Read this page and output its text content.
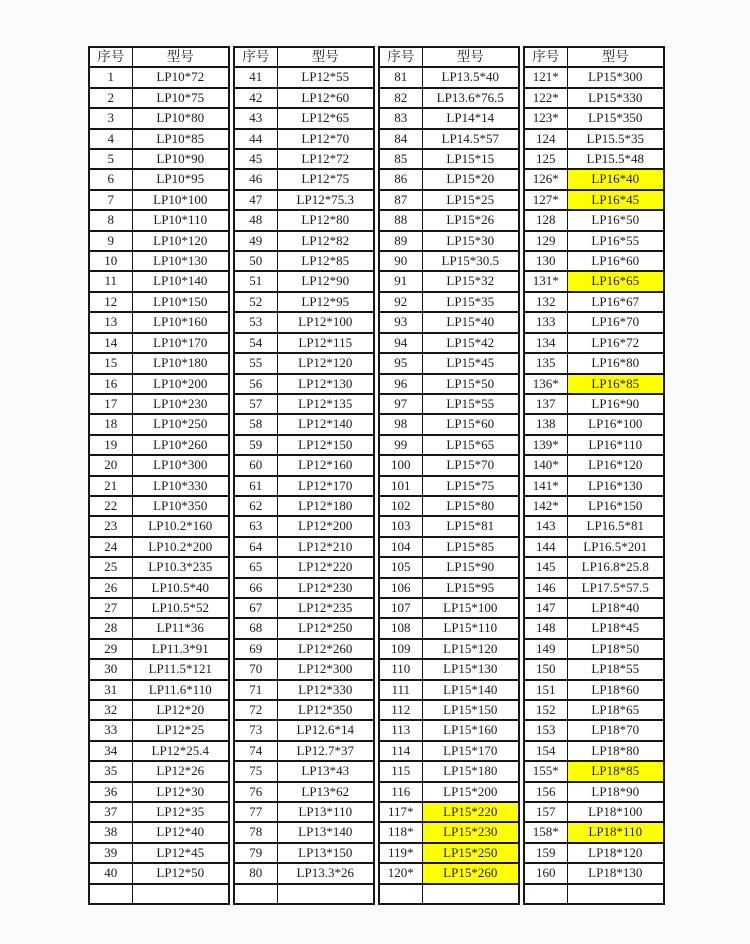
序号	型号
1	LP10*72
2	LP10*75
3	LP10*80
4	LP10*85
5	LP10*90
6	LP10*95
7	LP10*100
8	LP10*110
9	LP10*120
10	LP10*130
11	LP10*140
12	LP10*150
13	LP10*160
14	LP10*170
15	LP10*180
16	LP10*200
17	LP10*230
18	LP10*250
19	LP10*260
20	LP10*300
21	LP10*330
22	LP10*350
23	LP10.2*160
24	LP10.2*200
25	LP10.3*235
26	LP10.5*40
27	LP10.5*52
28	LP11*36
29	LP11.3*91
30	LP11.5*121
31	LP11.6*110
32	LP12*20
33	LP12*25
34	LP12*25.4
35	LP12*26
36	LP12*30
37	LP12*35
38	LP12*40
39	LP12*45
40	LP12*50

序号	型号
41	LP12*55
42	LP12*60
43	LP12*65
44	LP12*70
45	LP12*72
46	LP12*75
47	LP12*75.3
48	LP12*80
49	LP12*82
50	LP12*85
51	LP12*90
52	LP12*95
53	LP12*100
54	LP12*115
55	LP12*120
56	LP12*130
57	LP12*135
58	LP12*140
59	LP12*150
60	LP12*160
61	LP12*170
62	LP12*180
63	LP12*200
64	LP12*210
65	LP12*220
66	LP12*230
67	LP12*235
68	LP12*250
69	LP12*260
70	LP12*300
71	LP12*330
72	LP12*350
73	LP12.6*14
74	LP12.7*37
75	LP13*43
76	LP13*62
77	LP13*110
78	LP13*140
79	LP13*150
80	LP13.3*26

序号	型号
81	LP13.5*40
82	LP13.6*76.5
83	LP14*14
84	LP14.5*57
85	LP15*15
86	LP15*20
87	LP15*25
88	LP15*26
89	LP15*30
90	LP15*30.5
91	LP15*32
92	LP15*35
93	LP15*40
94	LP15*42
95	LP15*45
96	LP15*50
97	LP15*55
98	LP15*60
99	LP15*65
100	LP15*70
101	LP15*75
102	LP15*80
103	LP15*81
104	LP15*85
105	LP15*90
106	LP15*95
107	LP15*100
108	LP15*110
109	LP15*120
110	LP15*130
111	LP15*140
112	LP15*150
113	LP15*160
114	LP15*170
115	LP15*180
116	LP15*200
117*	LP15*220
118*	LP15*230
119*	LP15*250
120*	LP15*260

序号	型号
121*	LP15*300
122*	LP15*330
123*	LP15*350
124	LP15.5*35
125	LP15.5*48
126*	LP16*40
127*	LP16*45
128	LP16*50
129	LP16*55
130	LP16*60
131*	LP16*65
132	LP16*67
133	LP16*70
134	LP16*72
135	LP16*80
136*	LP16*85
137	LP16*90
138	LP16*100
139*	LP16*110
140*	LP16*120
141*	LP16*130
142*	LP16*150
143	LP16.5*81
144	LP16.5*201
145	LP16.8*25.8
146	LP17.5*57.5
147	LP18*40
148	LP18*45
149	LP18*50
150	LP18*55
151	LP18*60
152	LP18*65
153	LP18*70
154	LP18*80
155*	LP18*85
156	LP18*90
157	LP18*100
158*	LP18*110
159	LP18*120
160	LP18*130
